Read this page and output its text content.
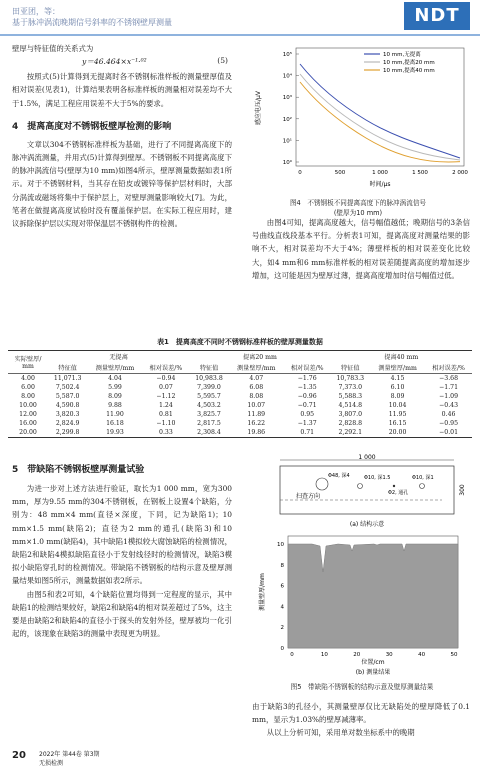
田亚团，等：
基于脉冲涡流晚期信号斜率的不锈钢壁厚测量	NDT
壁厚与特征值的关系式为
y＝46.464×x⁻¹·⁰²	(5)
按照式(5)计算得到无提离时各不锈钢标准样板的测量壁厚值及相对误差(见表1)，计算结果表明各标准样板的测量相对误差均不大于1.5%，满足工程应用误差不大于5%的要求。
4　提离高度对不锈钢板壁厚检测的影响
文章以304不锈钢标准样板为基础，进行了不同提离高度下的脉冲涡流测量，并用式(5)计算得到壁厚。不锈钢板不同提离高度下的脉冲涡流信号(壁厚为10 mm)如图4所示，壁厚测量数据如表1所示。对于不锈钢材料，当其存在铅皮或镀锌等保护层材料时，大部分涡流或磁场将集中于保护层上，对壁厚测量影响较大[7]。为此，笔者在做提离高度试验时没有覆盖保护层。在实际工程应用时，建议拆除保护层以实现对带保温层不锈钢构件的检测。
感应电压/μV
时间/μs
10⁵
10⁴
10³
10²
10¹
10⁰
0	500	1 000	1 500	2 000
10 mm,无提离
10 mm,提离20 mm
10 mm,提离40 mm
图4　不锈钢板不同提离高度下的脉冲涡流信号
(壁厚为10 mm)
由图4可知，提离高度越大，信号幅值越低；晚期信号的3条信号曲线直线段基本平行。分析表1可知，提离高度对测量结果的影响不大，相对误差均不大于4%；薄壁样板的相对误差变化比较大，如4 mm和6 mm标准样板的相对误差随提离高度的增加逐步增加，这可能是因为壁厚过薄，提离高度增加时信号幅值过低。
表1　提离高度不同时不锈钢标准样板的壁厚测量数据
实际壁厚/
mm	无提离			提离20 mm			提离40 mm		
	特征值	测量壁厚/mm	相对误差/%	特征值	测量壁厚/mm	相对误差/%	特征值	测量壁厚/mm	相对误差/%
4.00	11,071.3	4.04	−0.94	10,983.8	4.07	−1.76	10,783.3	4.15	−3.68
6.00	7,502.4	5.99	0.07	7,399.0	6.08	−1.35	7,373.0	6.10	−1.71
8.00	5,587.0	8.09	−1.12	5,595.7	8.08	−0.96	5,588.3	8.09	−1.09
10.00	4,590.8	9.88	1.24	4,503.2	10.07	−0.71	4,514.8	10.04	−0.43
12.00	3,820.3	11.90	0.81	3,825.7	11.89	0.95	3,807.0	11.95	0.46
16.00	2,824.9	16.18	−1.10	2,817.5	16.22	−1.37	2,828.8	16.15	−0.95
20.00	2,299.8	19.93	0.33	2,308.4	19.86	0.71	2,292.1	20.00	−0.01
5　带缺陷不锈钢板壁厚测量试验
为进一步对上述方法进行验证，取长为1 000 mm，宽为300 mm，厚为9.55 mm的304不锈钢板，在钢板上设置4个缺陷，分别为：48 mm×4 mm(直径×深度，下同，记为缺陷1)；10 mm×1.5 mm(缺陷2)；直径为2 mm的通孔(缺陷3)和10 mm×1.0 mm(缺陷4)，其中缺陷1模拟较大腐蚀缺陷的检测情况，缺陷2和缺陷4模拟缺陷直径小于发射线径时的检测情况，缺陷3模拟小缺陷穿孔时的检测情况。带缺陷不锈钢板的结构示意及壁厚测量结果如图5所示，测量数据如表2所示。
由图5和表2可知，4个缺陷位置均得到一定程度的显示，其中缺陷1的检测结果较好，缺陷2和缺陷4的相对误差超过了5%，这主要是由缺陷2和缺陷4的直径小于探头的发射外径，壁厚被均一化引起的，该现象在缺陷3的测量中表现更为明显。
1 000
300
扫查方向
Φ48, 深4	Φ10, 深1.5
Φ2, 通孔
Φ10, 深1
(a) 结构示意
测量壁厚/mm
位置/cm
10
8
6
4
2
0
0	10	20	30	40	50
(b) 测量结果
图5　带缺陷不锈钢板的结构示意及壁厚测量结果
由于缺陷3的孔径小，其测量壁厚仅比无缺陷处的壁厚降低了0.1 mm，显示为1.03%的壁厚减薄率。
从以上分析可知，采用单对数坐标系中的晚期
20 2022年 第44卷 第3期
无损检测
